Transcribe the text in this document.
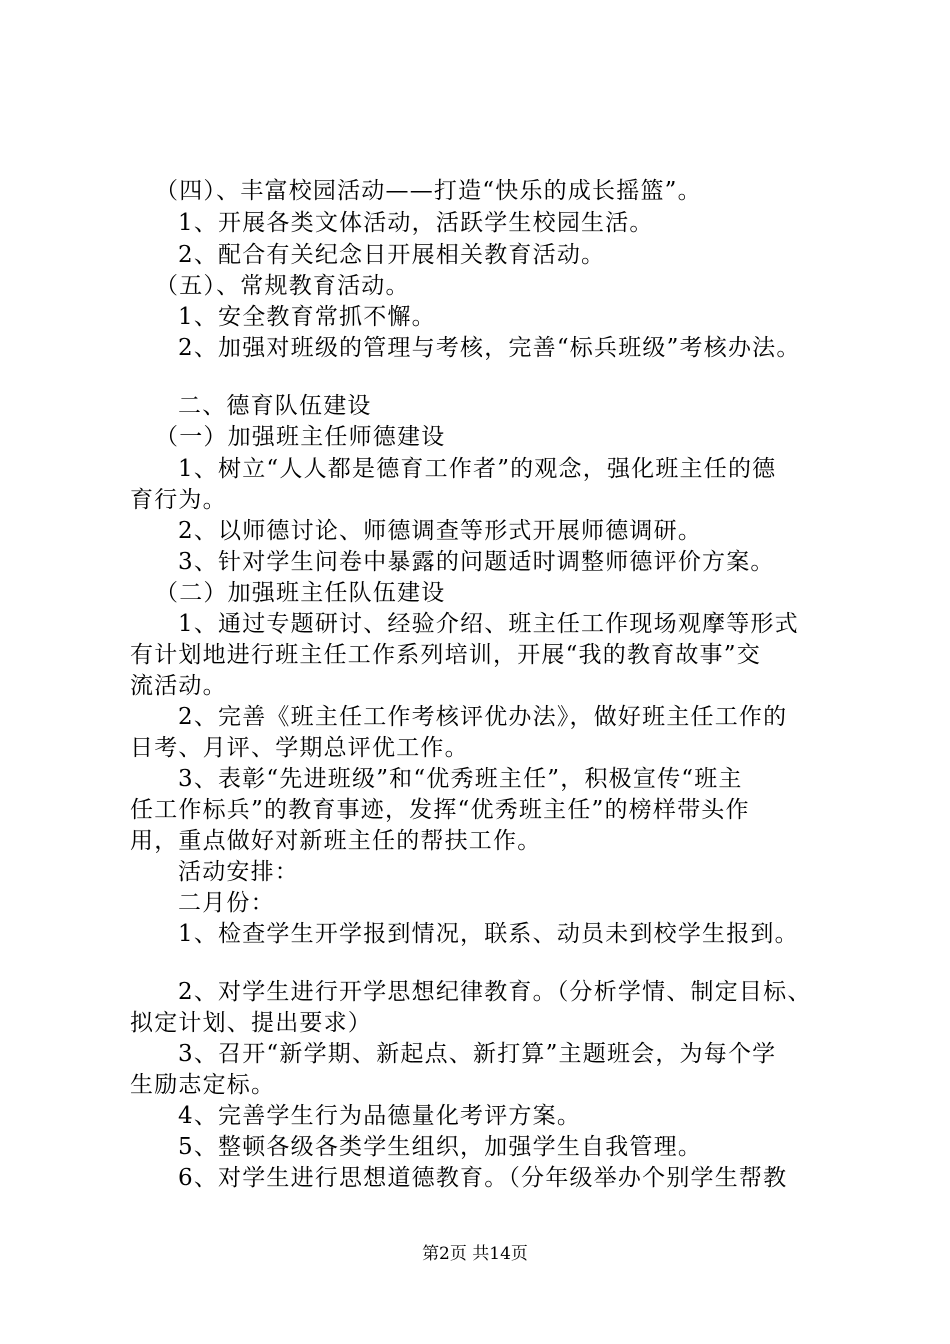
（四）、丰富校园活动——打造“快乐的成长摇篮”。
1、开展各类文体活动，活跃学生校园生活。
2、配合有关纪念日开展相关教育活动。
（五）、常规教育活动。
1、安全教育常抓不懈。
2、加强对班级的管理与考核，完善“标兵班级”考核办法。
二、德育队伍建设
（一）加强班主任师德建设
1、树立“人人都是德育工作者”的观念，强化班主任的德
育行为。
2、以师德讨论、师德调查等形式开展师德调研。
3、针对学生问卷中暴露的问题适时调整师德评价方案。
（二）加强班主任队伍建设
1、通过专题研讨、经验介绍、班主任工作现场观摩等形式
有计划地进行班主任工作系列培训，开展“我的教育故事”交
流活动。
2、完善《班主任工作考核评优办法》，做好班主任工作的
日考、月评、学期总评优工作。
3、表彰“先进班级”和“优秀班主任”，积极宣传“班主
任工作标兵”的教育事迹，发挥“优秀班主任”的榜样带头作
用，重点做好对新班主任的帮扶工作。
活动安排：
二月份：
1、检查学生开学报到情况，联系、动员未到校学生报到。
2、对学生进行开学思想纪律教育。（分析学情、制定目标、
拟定计划、提出要求）
3、召开“新学期、新起点、新打算”主题班会，为每个学
生励志定标。
4、完善学生行为品德量化考评方案。
5、整顿各级各类学生组织，加强学生自我管理。
6、对学生进行思想道德教育。（分年级举办个别学生帮教
第2页 共14页
